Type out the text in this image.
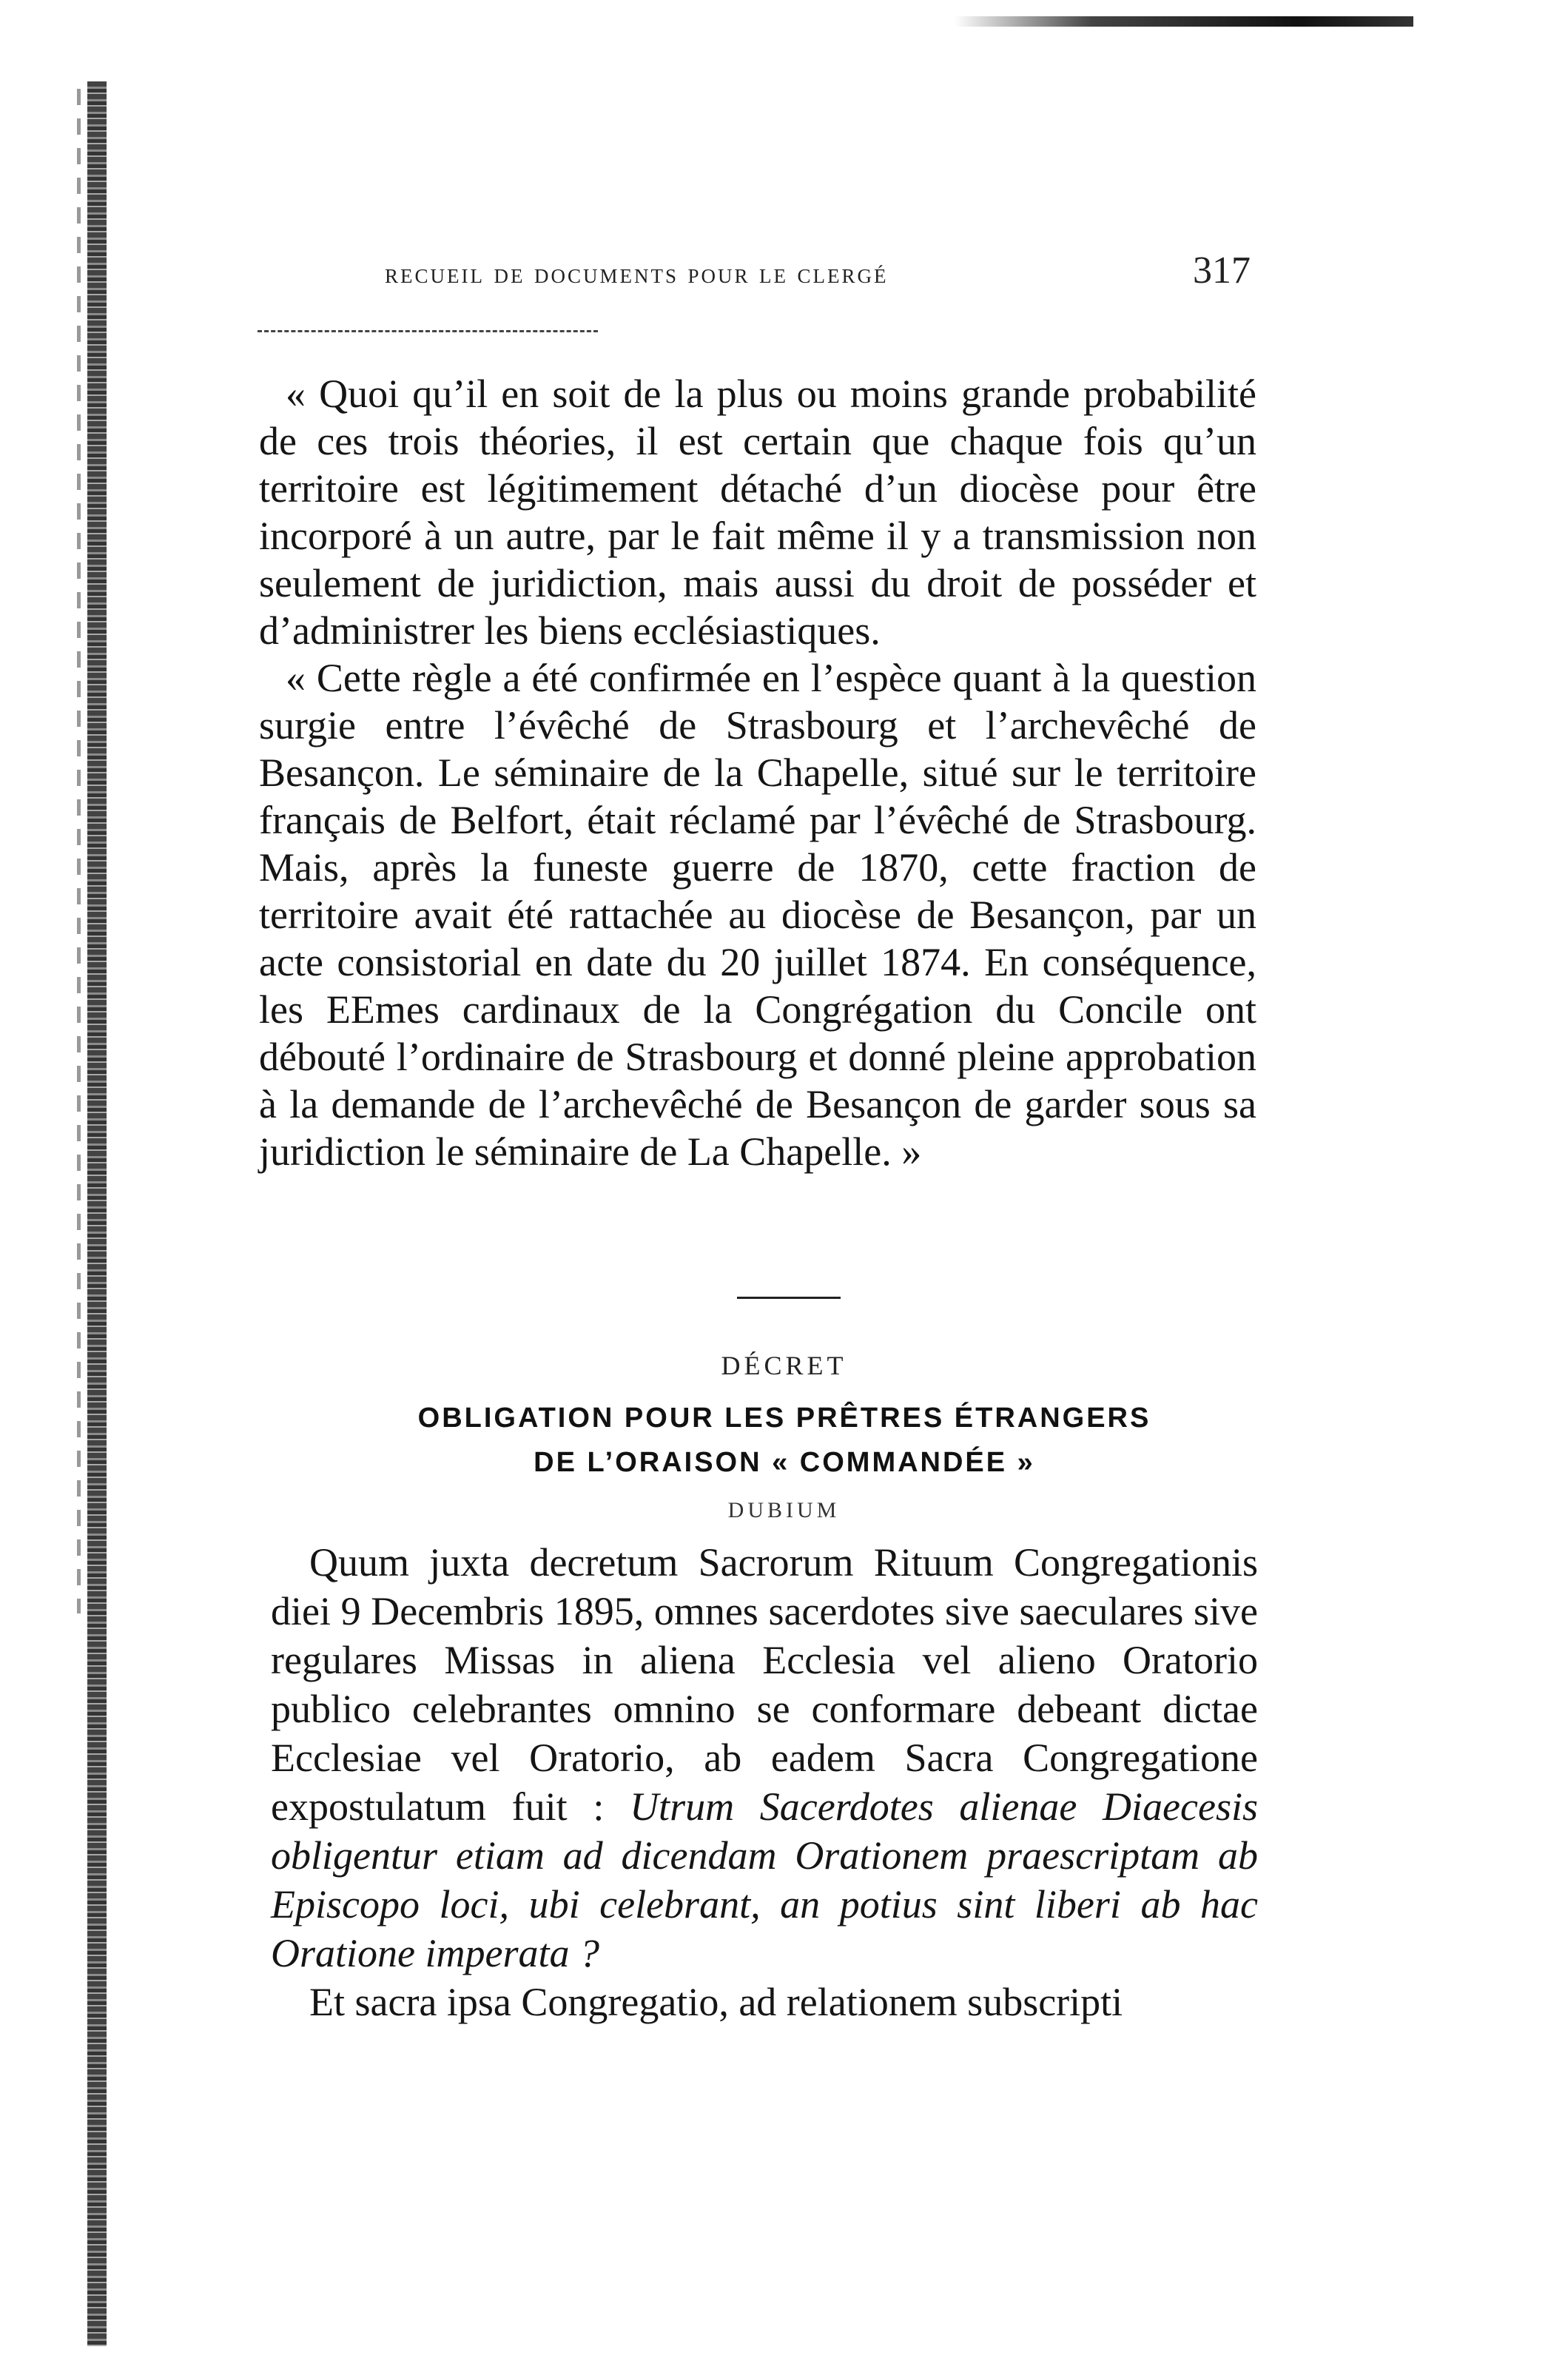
recueil de documents pour le clergé	317

« Quoi qu’il en soit de la plus ou moins grande probabilité de ces trois théories, il est certain que chaque fois qu’un territoire est légitimement détaché d’un diocèse pour être incorporé à un autre, par le fait même il y a transmission non seulement de juridiction, mais aussi du droit de posséder et d’administrer les biens ecclésiastiques.

« Cette règle a été confirmée en l’espèce quant à la question surgie entre l’évêché de Strasbourg et l’archevêché de Besançon. Le séminaire de la Chapelle, situé sur le territoire français de Belfort, était réclamé par l’évêché de Strasbourg. Mais, après la funeste guerre de 1870, cette fraction de territoire avait été rattachée au diocèse de Besançon, par un acte consistorial en date du 20 juillet 1874. En conséquence, les EEmes cardinaux de la Congrégation du Concile ont débouté l’ordinaire de Strasbourg et donné pleine approbation à la demande de l’archevêché de Besançon de garder sous sa juridiction le séminaire de La Chapelle. »

DÉCRET
OBLIGATION POUR LES PRÊTRES ÉTRANGERS
DE L’ORAISON « COMMANDÉE »
DUBIUM

Quum juxta decretum Sacrorum Rituum Congregationis diei 9 Decembris 1895, omnes sacerdotes sive saeculares sive regulares Missas in aliena Ecclesia vel alieno Oratorio publico celebrantes omnino se conformare debeant dictae Ecclesiae vel Oratorio, ab eadem Sacra Congregatione expostulatum fuit : Utrum Sacerdotes alienae Diaecesis obligentur etiam ad dicendam Orationem praescriptam ab Episcopo loci, ubi celebrant, an potius sint liberi ab hac Oratione imperata ?

Et sacra ipsa Congregatio, ad relationem subscripti
